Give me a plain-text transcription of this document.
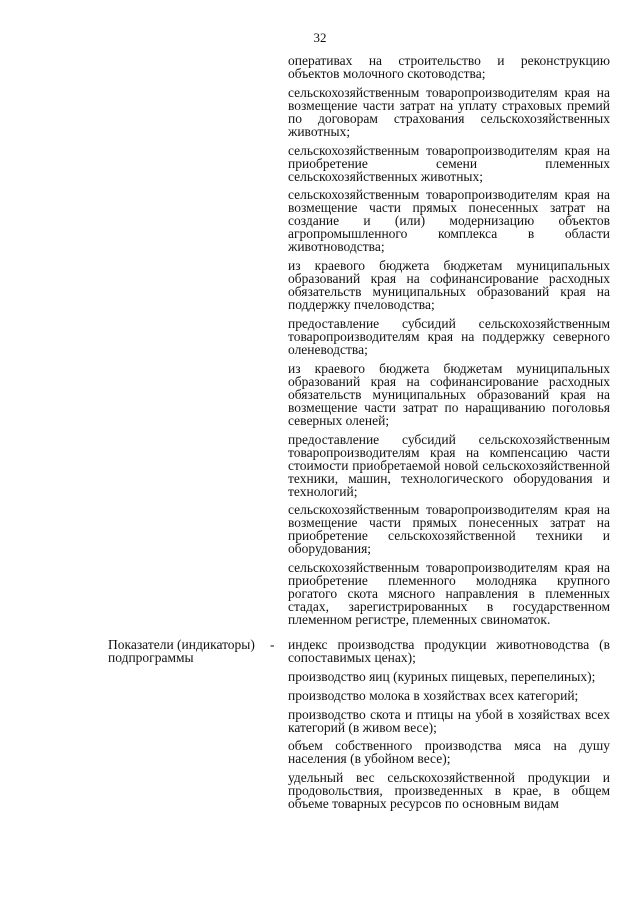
32

оперативах на строительство и реконструкцию объектов молочного скотоводства;

сельскохозяйственным товаропроизводителям края на возмещение части затрат на уплату страховых премий по договорам страхования сельскохозяйственных животных;

сельскохозяйственным товаропроизводителям края на приобретение семени племенных сельскохозяйственных животных;

сельскохозяйственным товаропроизводителям края на возмещение части прямых понесенных затрат на создание и (или) модернизацию объектов агропромышленного комплекса в области животноводства;

из краевого бюджета бюджетам муниципальных образований края на софинансирование расходных обязательств муниципальных образований края на поддержку пчеловодства;

предоставление субсидий сельскохозяйственным товаропроизводителям края на поддержку северного оленеводства;

из краевого бюджета бюджетам муниципальных образований края на софинансирование расходных обязательств муниципальных образований края на возмещение части затрат по наращиванию поголовья северных оленей;

предоставление субсидий сельскохозяйственным товаропроизводителям края на компенсацию части стоимости приобретаемой новой сельскохозяйственной техники, машин, технологического оборудования и технологий;

сельскохозяйственным товаропроизводителям края на возмещение части прямых понесенных затрат на приобретение сельскохозяйственной техники и оборудования;

сельскохозяйственным товаропроизводителям края на приобретение племенного молодняка крупного рогатого скота мясного направления в племенных стадах, зарегистрированных в государственном племенном регистре, племенных свиноматок.

индекс производства продукции животноводства (в сопоставимых ценах);

производство яиц (куриных пищевых, перепелиных);

производство молока в хозяйствах всех категорий;

производство скота и птицы на убой в хозяйствах всех категорий (в живом весе);

объем собственного производства мяса на душу населения (в убойном весе);

удельный вес сельскохозяйственной продукции и продовольствия, произведенных в крае, в общем объеме товарных ресурсов по основным видам

Показатели (индикаторы) подпрограммы
-
